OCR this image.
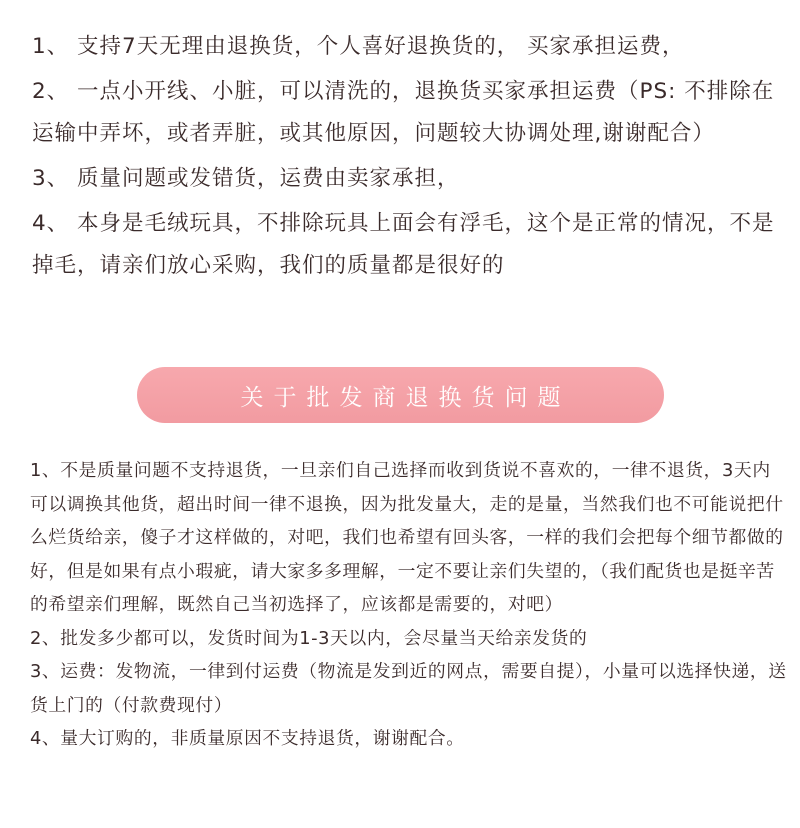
1、 支持7天无理由退换货，个人喜好退换货的， 买家承担运费，

2、 一点小开线、小脏，可以清洗的，退换货买家承担运费（PS: 不排除在运输中弄坏，或者弄脏，或其他原因，问题较大协调处理,谢谢配合）

3、 质量问题或发错货，运费由卖家承担，

4、 本身是毛绒玩具，不排除玩具上面会有浮毛，这个是正常的情况，不是掉毛，请亲们放心采购，我们的质量都是很好的

关于批发商退换货问题

1、不是质量问题不支持退货，一旦亲们自己选择而收到货说不喜欢的，一律不退货，3天内可以调换其他货，超出时间一律不退换，因为批发量大，走的是量，当然我们也不可能说把什么烂货给亲，傻子才这样做的，对吧，我们也希望有回头客，一样的我们会把每个细节都做的好，但是如果有点小瑕疵，请大家多多理解，一定不要让亲们失望的，（我们配货也是挺辛苦的希望亲们理解，既然自己当初选择了，应该都是需要的，对吧）

2、批发多少都可以，发货时间为1-3天以内，会尽量当天给亲发货的

3、运费：发物流，一律到付运费（物流是发到近的网点，需要自提），小量可以选择快递，送货上门的（付款费现付）

4、量大订购的，非质量原因不支持退货，谢谢配合。
